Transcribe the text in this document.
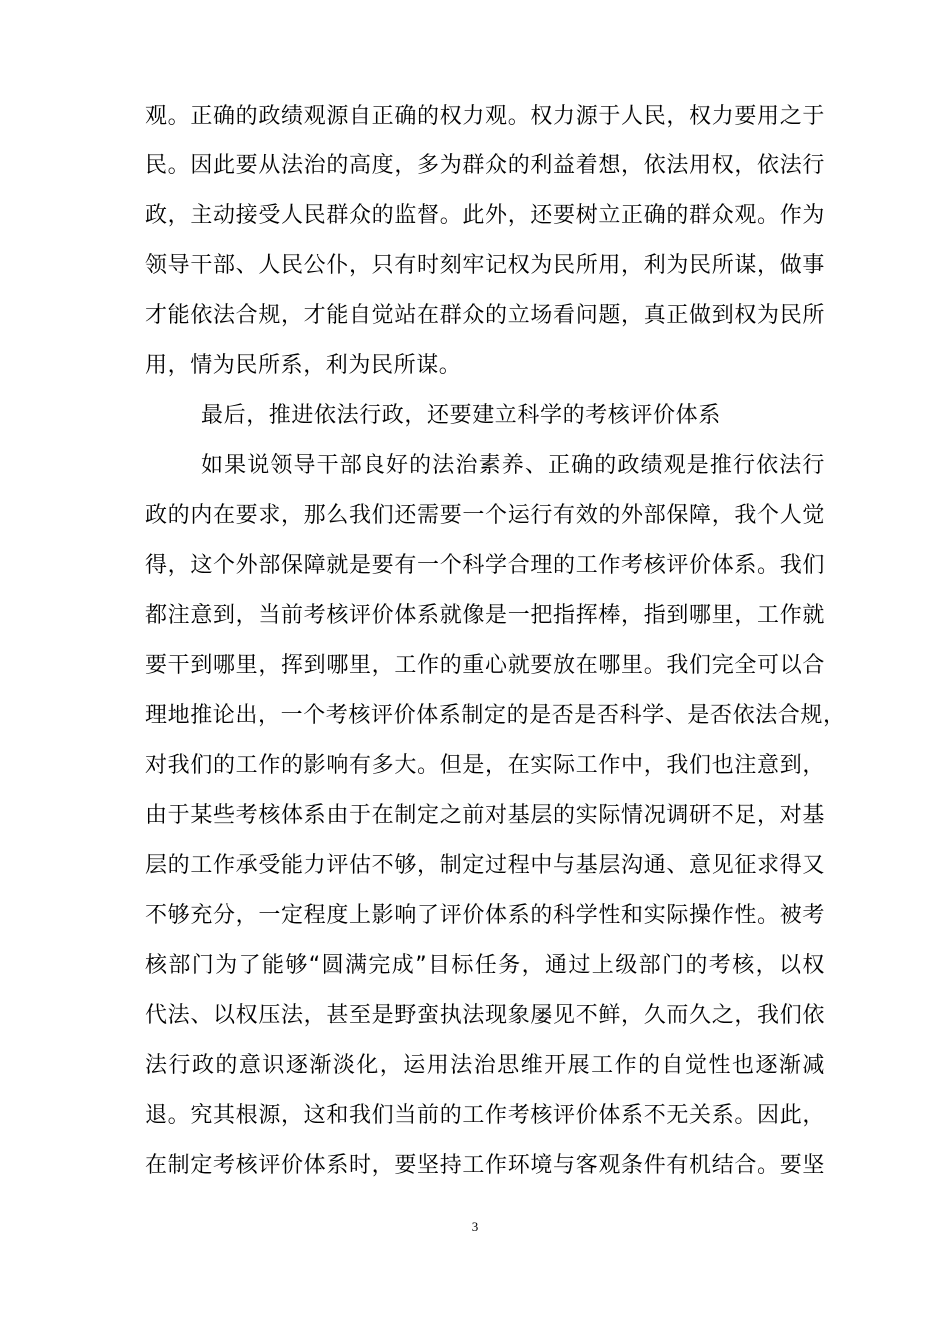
观。正确的政绩观源自正确的权力观。权力源于人民，权力要用之于
民。因此要从法治的高度，多为群众的利益着想，依法用权，依法行
政，主动接受人民群众的监督。此外，还要树立正确的群众观。作为
领导干部、人民公仆，只有时刻牢记权为民所用，利为民所谋，做事
才能依法合规，才能自觉站在群众的立场看问题，真正做到权为民所
用，情为民所系，利为民所谋。
最后，推进依法行政，还要建立科学的考核评价体系
如果说领导干部良好的法治素养、正确的政绩观是推行依法行
政的内在要求，那么我们还需要一个运行有效的外部保障，我个人觉
得，这个外部保障就是要有一个科学合理的工作考核评价体系。我们
都注意到，当前考核评价体系就像是一把指挥棒，指到哪里，工作就
要干到哪里，挥到哪里，工作的重心就要放在哪里。我们完全可以合
理地推论出，一个考核评价体系制定的是否是否科学、是否依法合规，
对我们的工作的影响有多大。但是，在实际工作中，我们也注意到，
由于某些考核体系由于在制定之前对基层的实际情况调研不足，对基
层的工作承受能力评估不够，制定过程中与基层沟通、意见征求得又
不够充分，一定程度上影响了评价体系的科学性和实际操作性。被考
核部门为了能够“圆满完成”目标任务，通过上级部门的考核，以权
代法、以权压法，甚至是野蛮执法现象屡见不鲜，久而久之，我们依
法行政的意识逐渐淡化，运用法治思维开展工作的自觉性也逐渐减
退。究其根源，这和我们当前的工作考核评价体系不无关系。因此，
在制定考核评价体系时，要坚持工作环境与客观条件有机结合。要坚
3
